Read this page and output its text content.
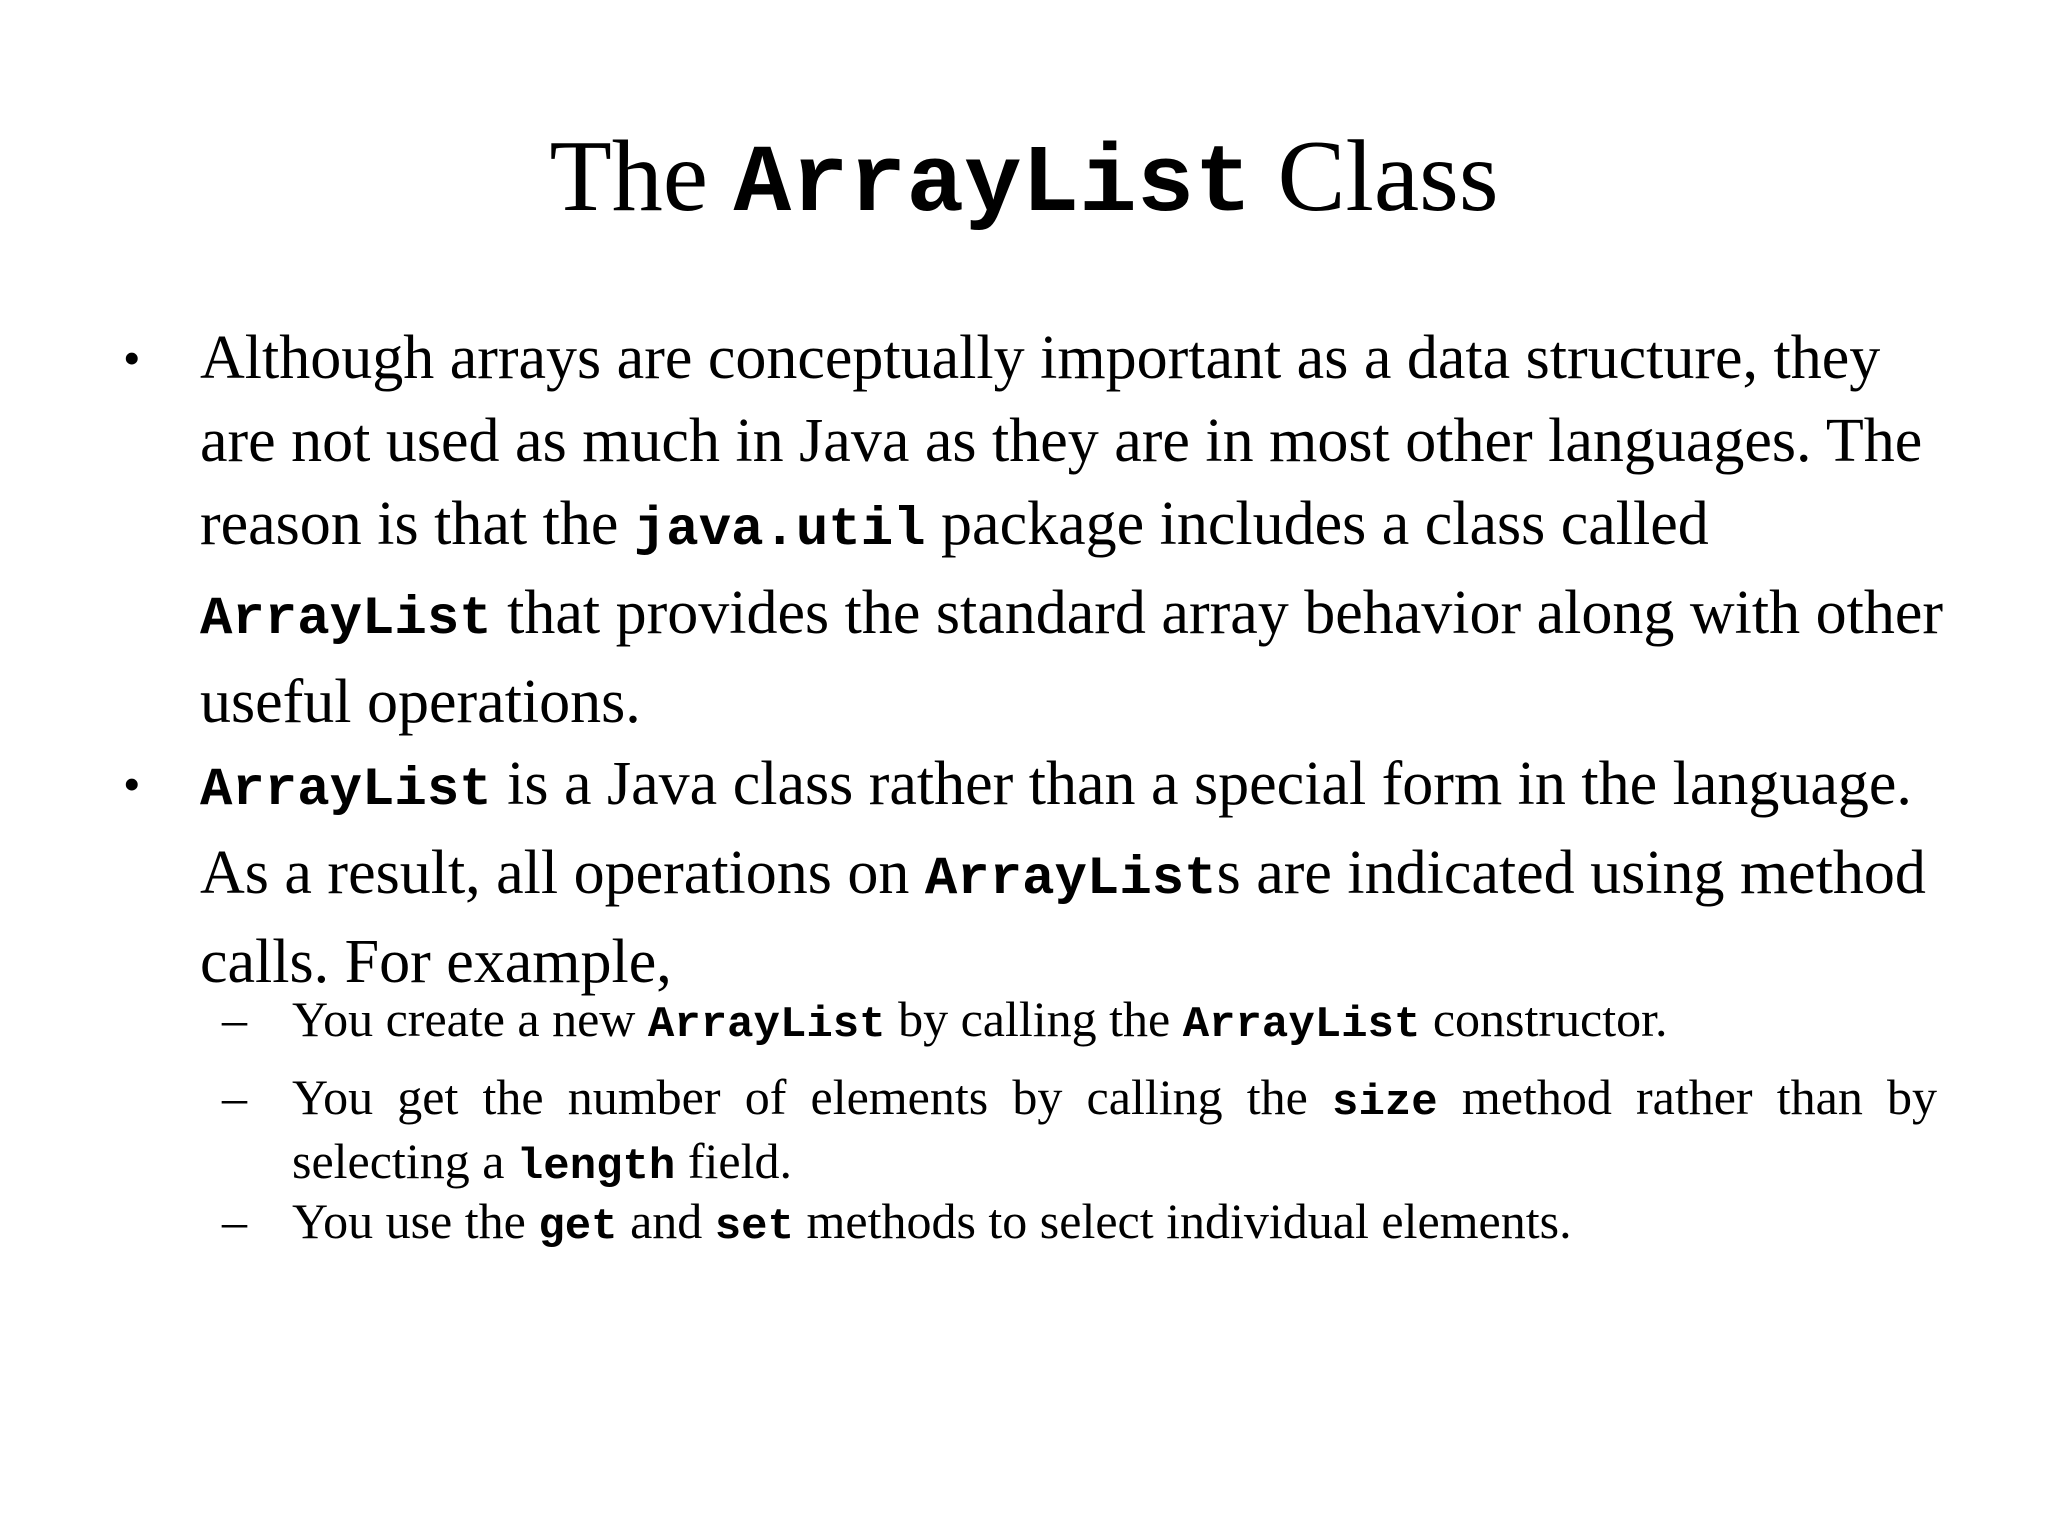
The ArrayList Class
• Although arrays are conceptually important as a data structure, they are not used as much in Java as they are in most other languages. The reason is that the java.util package includes a class called ArrayList that provides the standard array behavior along with other useful operations.
• ArrayList is a Java class rather than a special form in the language. As a result, all operations on ArrayLists are indicated using method calls. For example,
– You create a new ArrayList by calling the ArrayList constructor.
– You get the number of elements by calling the size method rather than by selecting a length field.
– You use the get and set methods to select individual elements.
